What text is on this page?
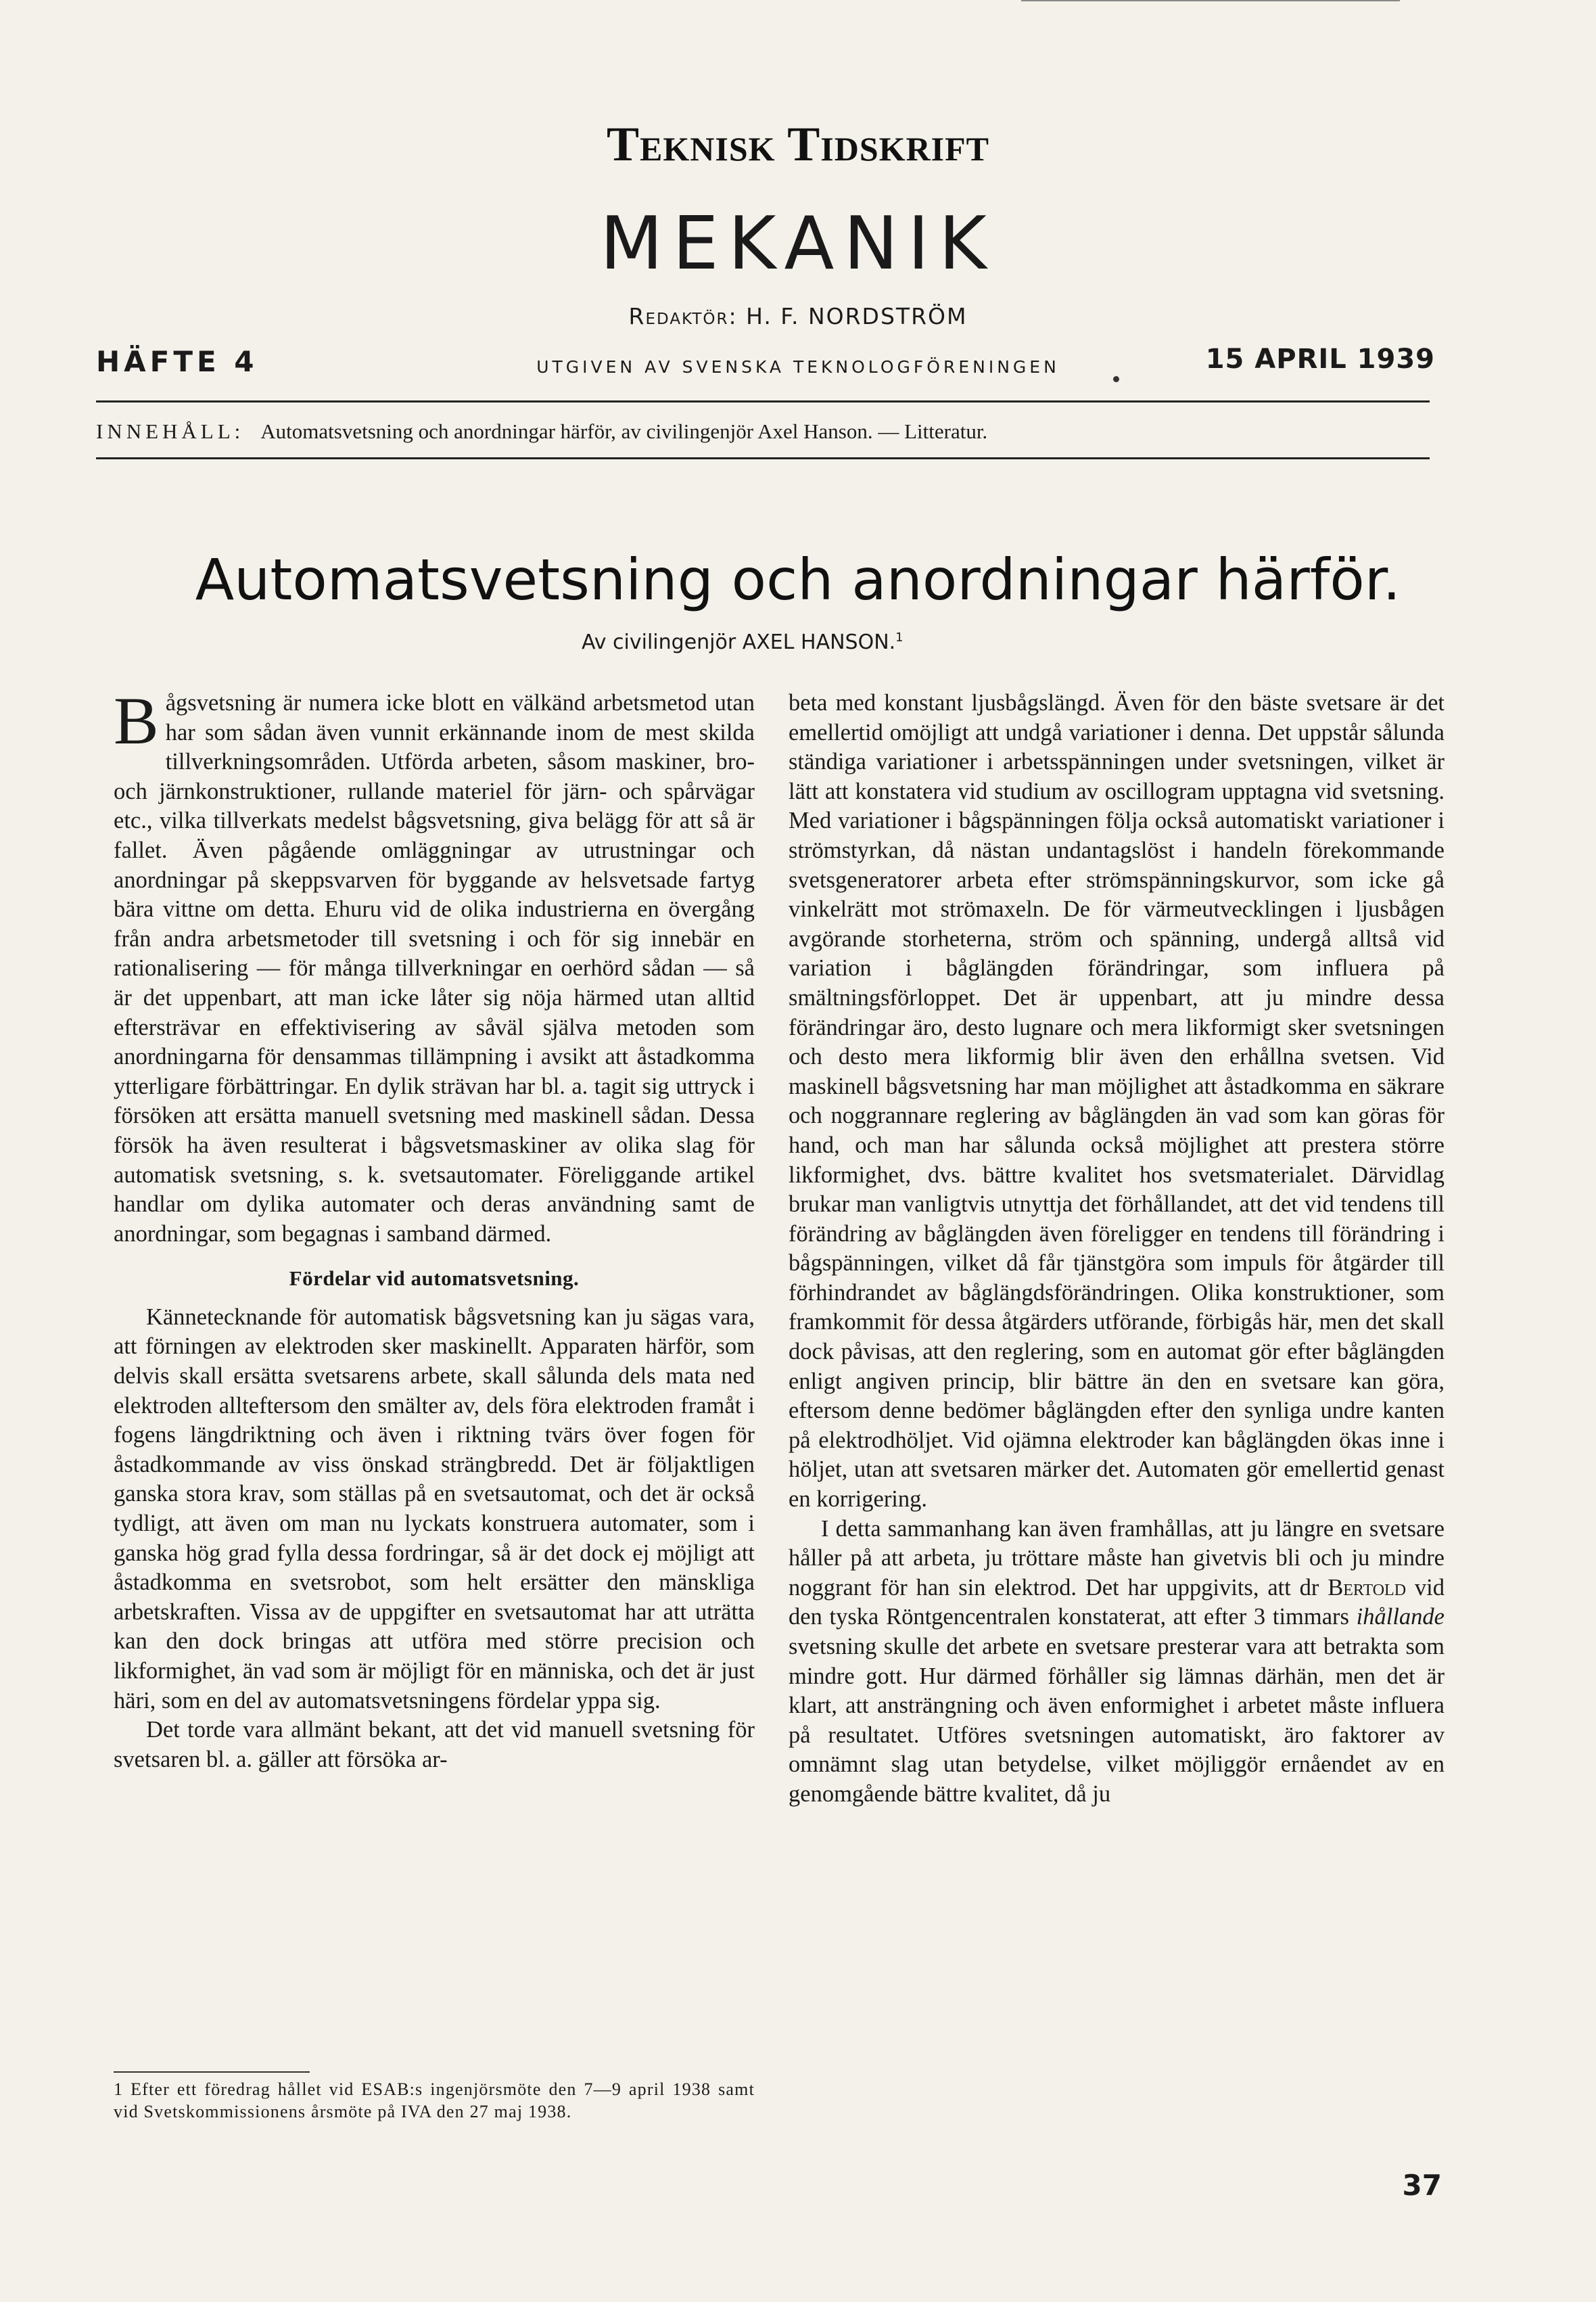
Teknisk Tidskrift
MEKANIK
Redaktör: H. F. NORDSTRÖM
HÄFTE 4	UTGIVEN AV SVENSKA TEKNOLOGFÖRENINGEN	15 APRIL 1939
INNEHÅLL: Automatsvetsning och anordningar härför, av civilingenjör Axel Hanson. — Litteratur.
Automatsvetsning och anordningar härför.
Av civilingenjör AXEL HANSON.$^1$

Bågsvetsning är numera icke blott en välkänd arbetsmetod utan har som sådan även vunnit erkännande inom de mest skilda tillverkningsområden. Utförda arbeten, såsom maskiner, bro- och järnkonstruktioner, rullande materiel för järn- och spårvägar etc., vilka tillverkats medelst bågsvetsning, giva belägg för att så är fallet. Även pågående omläggningar av utrustningar och anordningar på skeppsvarven för byggande av helsvetsade fartyg bära vittne om detta. Ehuru vid de olika industrierna en övergång från andra arbetsmetoder till svetsning i och för sig innebär en rationalisering — för många tillverkningar en oerhörd sådan — så är det uppenbart, att man icke låter sig nöja härmed utan alltid eftersträvar en effektivisering av såväl själva metoden som anordningarna för densammas tillämpning i avsikt att åstadkomma ytterligare förbättringar. En dylik strävan har bl. a. tagit sig uttryck i försöken att ersätta manuell svetsning med maskinell sådan. Dessa försök ha även resulterat i bågsvetsmaskiner av olika slag för automatisk svetsning, s. k. svetsautomater. Föreliggande artikel handlar om dylika automater och deras användning samt de anordningar, som begagnas i samband därmed.

Fördelar vid automatsvetsning.

Kännetecknande för automatisk bågsvetsning kan ju sägas vara, att förningen av elektroden sker maskinellt. Apparaten härför, som delvis skall ersätta svetsarens arbete, skall sålunda dels mata ned elektroden allteftersom den smälter av, dels föra elektroden framåt i fogens längdriktning och även i riktning tvärs över fogen för åstadkommande av viss önskad strängbredd. Det är följaktligen ganska stora krav, som ställas på en svetsautomat, och det är också tydligt, att även om man nu lyckats konstruera automater, som i ganska hög grad fylla dessa fordringar, så är det dock ej möjligt att åstadkomma en svetsrobot, som helt ersätter den mänskliga arbetskraften. Vissa av de uppgifter en svetsautomat har att uträtta kan den dock bringas att utföra med större precision och likformighet, än vad som är möjligt för en människa, och det är just häri, som en del av automatsvetsningens fördelar yppa sig.

Det torde vara allmänt bekant, att det vid manuell svetsning för svetsaren bl. a. gäller att försöka ar-

beta med konstant ljusbågslängd. Även för den bäste svetsare är det emellertid omöjligt att undgå variationer i denna. Det uppstår sålunda ständiga variationer i arbetsspänningen under svetsningen, vilket är lätt att konstatera vid studium av oscillogram upptagna vid svetsning. Med variationer i bågspänningen följa också automatiskt variationer i strömstyrkan, då nästan undantagslöst i handeln förekommande svetsgeneratorer arbeta efter strömspänningskurvor, som icke gå vinkelrätt mot strömaxeln. De för värmeutvecklingen i ljusbågen avgörande storheterna, ström och spänning, undergå alltså vid variation i båglängden förändringar, som influera på smältningsförloppet. Det är uppenbart, att ju mindre dessa förändringar äro, desto lugnare och mera likformigt sker svetsningen och desto mera likformig blir även den erhållna svetsen. Vid maskinell bågsvetsning har man möjlighet att åstadkomma en säkrare och noggrannare reglering av båglängden än vad som kan göras för hand, och man har sålunda också möjlighet att prestera större likformighet, dvs. bättre kvalitet hos svetsmaterialet. Därvidlag brukar man vanligtvis utnyttja det förhållandet, att det vid tendens till förändring av båglängden även föreligger en tendens till förändring i bågspänningen, vilket då får tjänstgöra som impuls för åtgärder till förhindrandet av båglängdsförändringen. Olika konstruktioner, som framkommit för dessa åtgärders utförande, förbigås här, men det skall dock påvisas, att den reglering, som en automat gör efter båglängden enligt angiven princip, blir bättre än den en svetsare kan göra, eftersom denne bedömer båglängden efter den synliga undre kanten på elektrodhöljet. Vid ojämna elektroder kan båglängden ökas inne i höljet, utan att svetsaren märker det. Automaten gör emellertid genast en korrigering.

I detta sammanhang kan även framhållas, att ju längre en svetsare håller på att arbeta, ju tröttare måste han givetvis bli och ju mindre noggrant för han sin elektrod. Det har uppgivits, att dr Bertold vid den tyska Röntgencentralen konstaterat, att efter 3 timmars ihållande svetsning skulle det arbete en svetsare presterar vara att betrakta som mindre gott. Hur därmed förhåller sig lämnas därhän, men det är klart, att ansträngning och även enformighet i arbetet måste influera på resultatet. Utföres svetsningen automatiskt, äro faktorer av omnämnt slag utan betydelse, vilket möjliggör ernåendet av en genomgående bättre kvalitet, då ju

1 Efter ett föredrag hållet vid ESAB:s ingenjörsmöte den 7—9 april 1938 samt vid Svetskommissionens årsmöte på IVA den 27 maj 1938.
37
